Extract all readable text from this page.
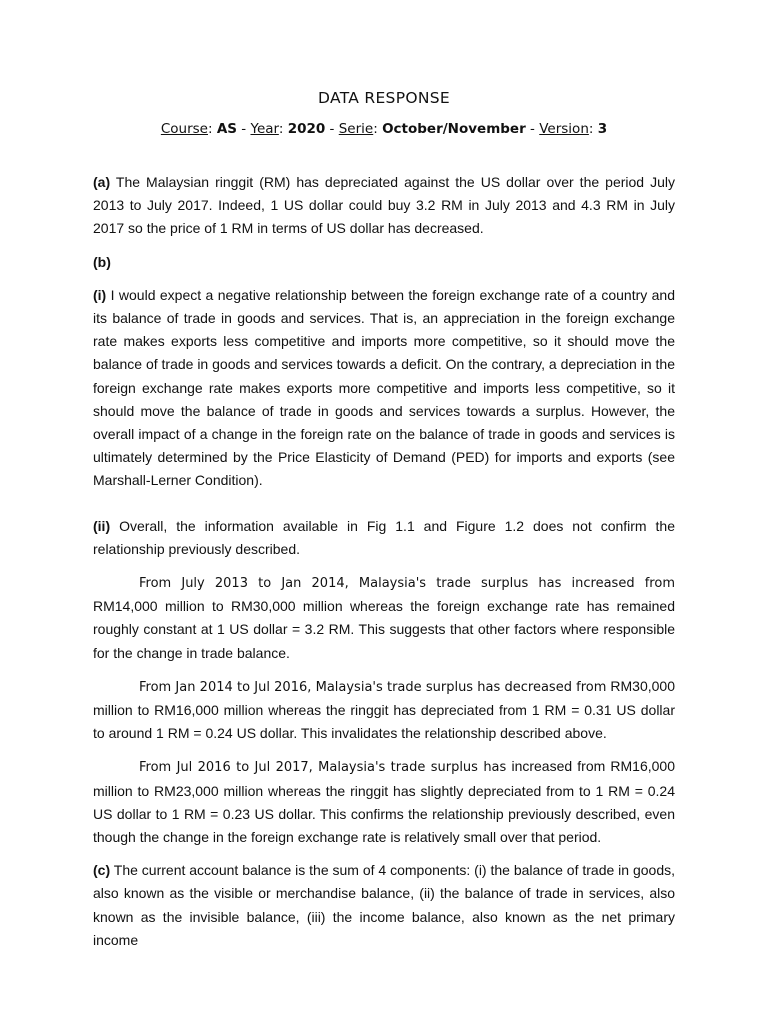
DATA RESPONSE
Course: AS - Year: 2020 - Serie: October/November - Version: 3

(a) The Malaysian ringgit (RM) has depreciated against the US dollar over the period July 2013 to July 2017. Indeed, 1 US dollar could buy 3.2 RM in July 2013 and 4.3 RM in July 2017 so the price of 1 RM in terms of US dollar has decreased.

(b)

(i) I would expect a negative relationship between the foreign exchange rate of a country and its balance of trade in goods and services. That is, an appreciation in the foreign exchange rate makes exports less competitive and imports more competitive, so it should move the balance of trade in goods and services towards a deficit. On the contrary, a depreciation in the foreign exchange rate makes exports more competitive and imports less competitive, so it should move the balance of trade in goods and services towards a surplus. However, the overall impact of a change in the foreign rate on the balance of trade in goods and services is ultimately determined by the Price Elasticity of Demand (PED) for imports and exports (see Marshall-Lerner Condition).

(ii) Overall, the information available in Fig 1.1 and Figure 1.2 does not confirm the relationship previously described.

From July 2013 to Jan 2014, Malaysia's trade surplus has increased from RM14,000 million to RM30,000 million whereas the foreign exchange rate has remained roughly constant at 1 US dollar = 3.2 RM. This suggests that other factors where responsible for the change in trade balance.

From Jan 2014 to Jul 2016, Malaysia's trade surplus has decreased from RM30,000 million to RM16,000 million whereas the ringgit has depreciated from 1 RM = 0.31 US dollar to around 1 RM = 0.24 US dollar. This invalidates the relationship described above.

From Jul 2016 to Jul 2017, Malaysia's trade surplus has increased from RM16,000 million to RM23,000 million whereas the ringgit has slightly depreciated from to 1 RM = 0.24 US dollar to 1 RM = 0.23 US dollar. This confirms the relationship previously described, even though the change in the foreign exchange rate is relatively small over that period.

(c) The current account balance is the sum of 4 components: (i) the balance of trade in goods, also known as the visible or merchandise balance, (ii) the balance of trade in services, also known as the invisible balance, (iii) the income balance, also known as the net primary income
